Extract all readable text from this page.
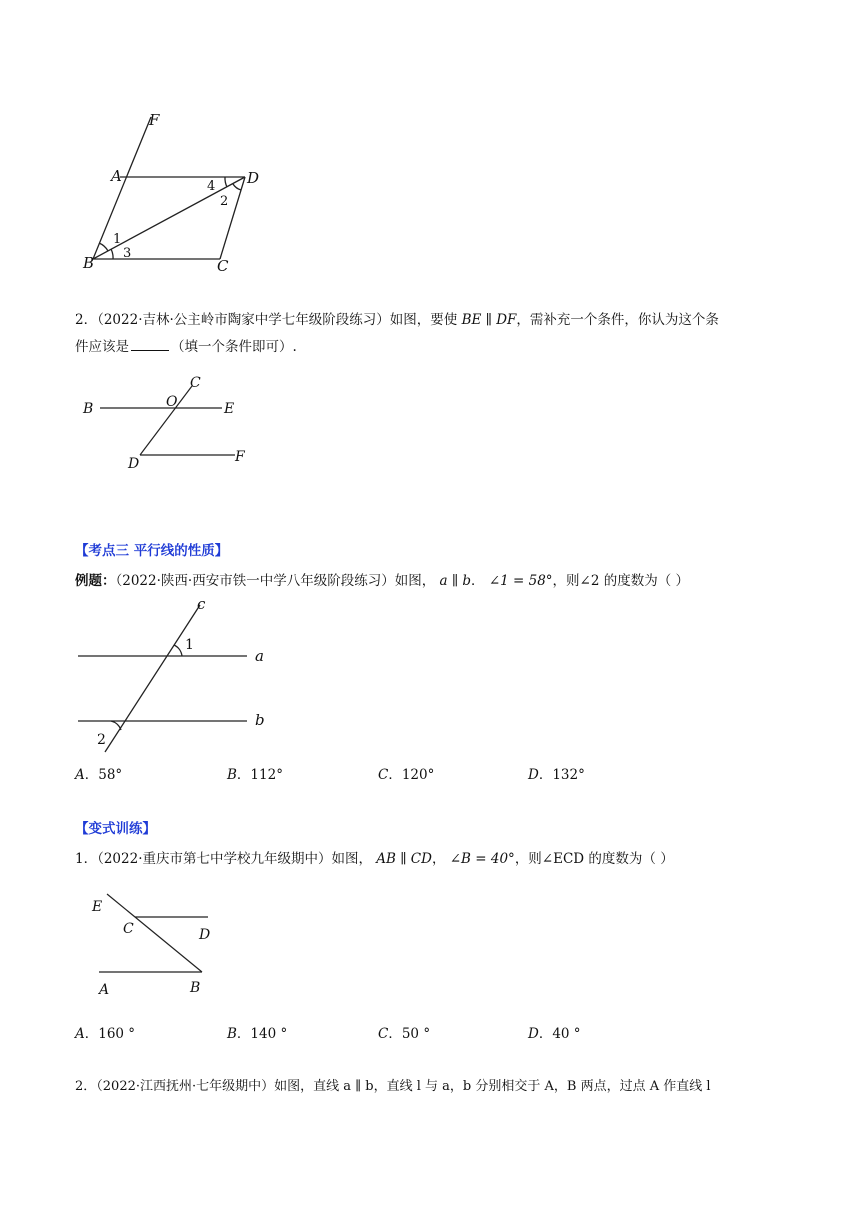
F
A	D
B	C
1
3
4
2
2．（2022·吉林·公主岭市陶家中学七年级阶段练习）如图，要使 BE ∥ DF，需补充一个条件，你认为这个条
件应该是	（填一个条件即可）.
C
B	O	E
D	F
【考点三 平行线的性质】
例题：（2022·陕西·西安市铁一中学八年级阶段练习）如图， a ∥ b． ∠1 = 58°，则∠2 的度数为（ ）
c
a
b
1
2
A．58°	B．112°	C．120°	D．132°
【变式训练】
1．（2022·重庆市第七中学校九年级期中）如图， AB ∥ CD， ∠B = 40°，则∠ECD 的度数为（ ）
E
C	D
A	B
A．160 °	B．140 °	C．50 °	D．40 °
2．（2022·江西抚州·七年级期中）如图，直线 a ∥ b，直线 l 与 a，b 分别相交于 A，B 两点，过点 A 作直线 l
